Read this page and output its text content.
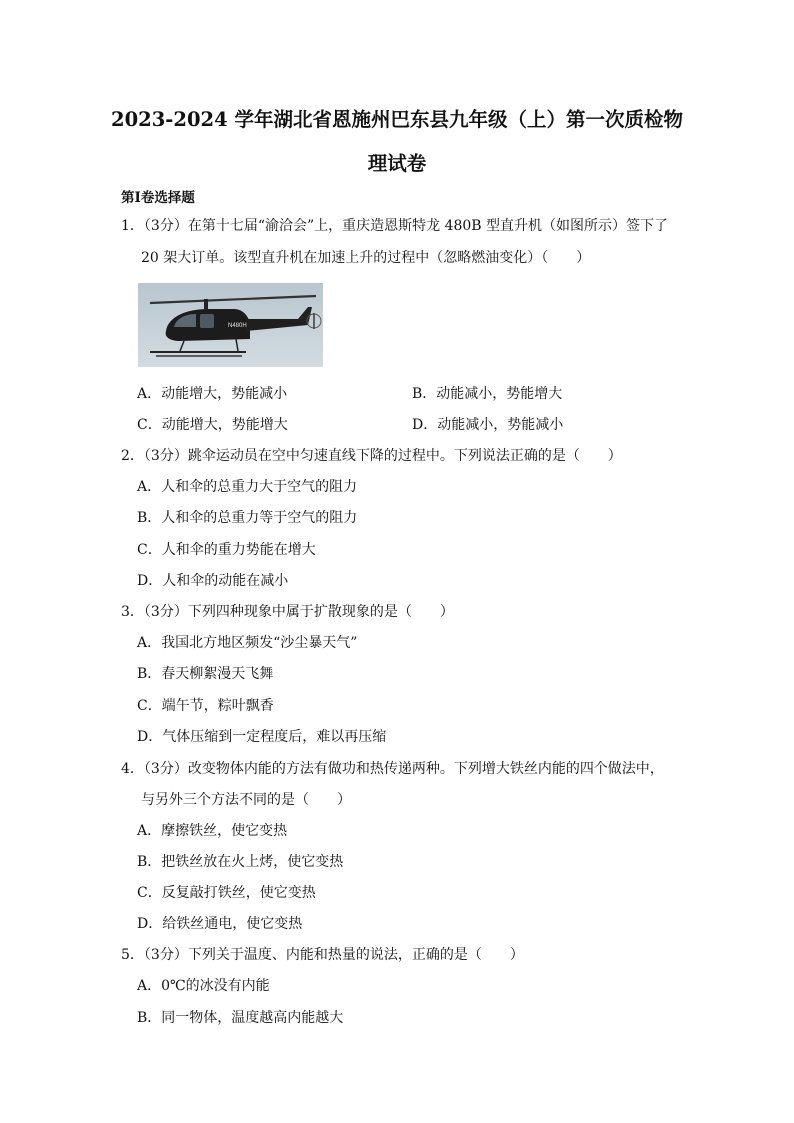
2023-2024 学年湖北省恩施州巴东县九年级（上）第一次质检物
理试卷
第Ⅰ卷选择题
1．（3分）在第十七届“渝洽会”上，重庆造恩斯特龙 480B 型直升机（如图所示）签下了
20 架大订单。该型直升机在加速上升的过程中（忽略燃油变化）（　　）
N480H
A．动能增大，势能减小	B．动能减小，势能增大
C．动能增大，势能增大	D．动能减小，势能减小
2．（3分）跳伞运动员在空中匀速直线下降的过程中。下列说法正确的是（　　）
A．人和伞的总重力大于空气的阻力
B．人和伞的总重力等于空气的阻力
C．人和伞的重力势能在增大
D．人和伞的动能在减小
3．（3分）下列四种现象中属于扩散现象的是（　　）
A．我国北方地区频发“沙尘暴天气”
B．春天柳絮漫天飞舞
C．端午节，粽叶飘香
D．气体压缩到一定程度后，难以再压缩
4．（3分）改变物体内能的方法有做功和热传递两种。下列增大铁丝内能的四个做法中，
与另外三个方法不同的是（　　）
A．摩擦铁丝，使它变热
B．把铁丝放在火上烤，使它变热
C．反复敲打铁丝，使它变热
D．给铁丝通电，使它变热
5．（3分）下列关于温度、内能和热量的说法，正确的是（　　）
A．0℃的冰没有内能
B．同一物体，温度越高内能越大
